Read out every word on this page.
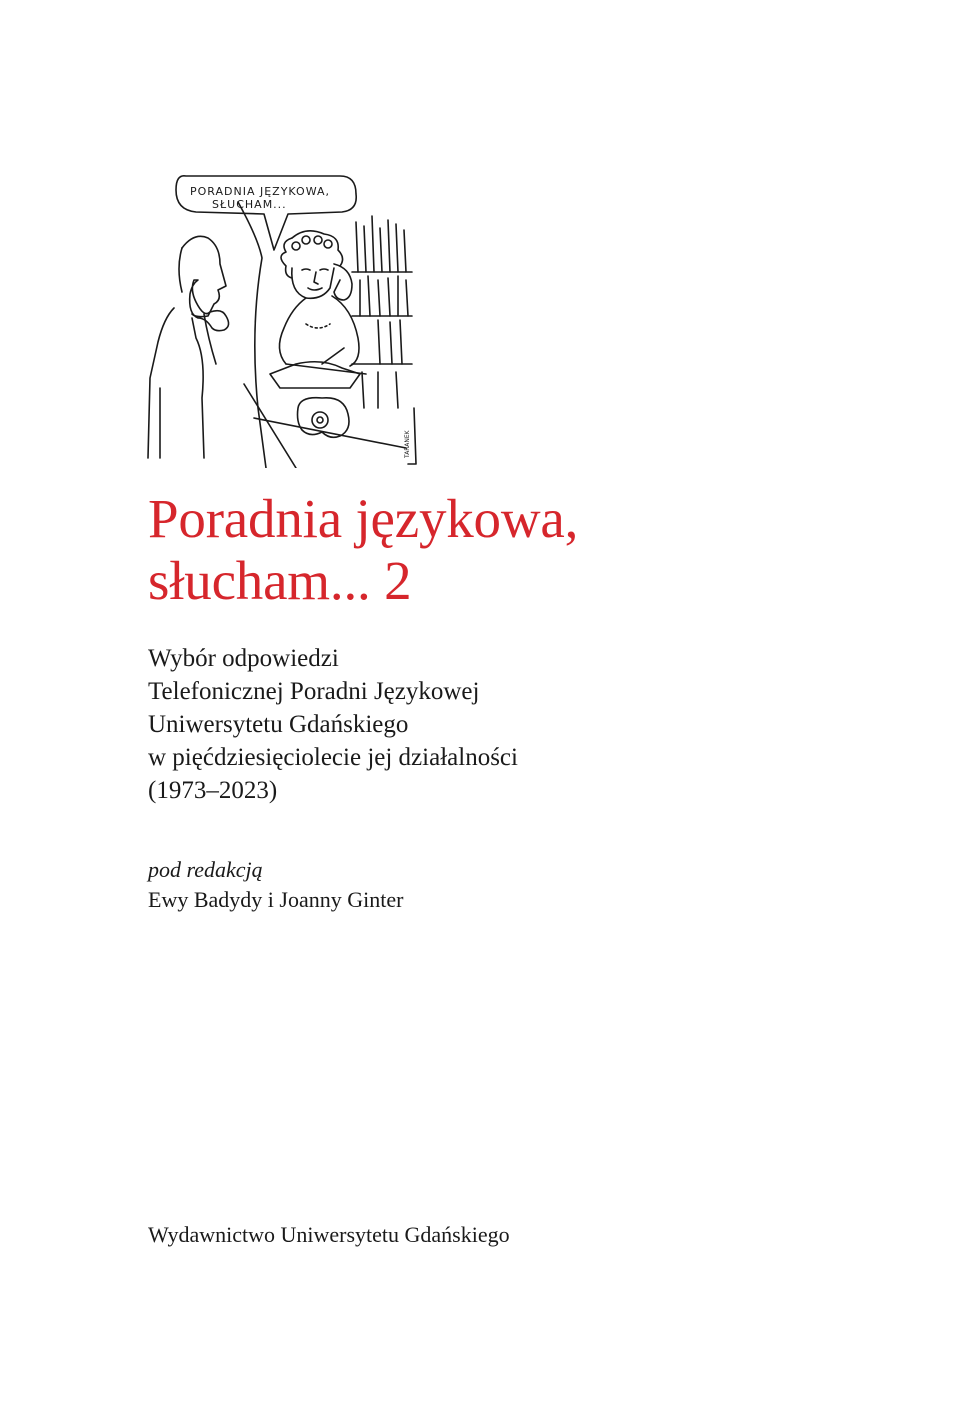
PORADNIA JĘZYKOWA,
SŁUCHAM...
TARANEK
Poradnia językowa,
słucham... 2
Wybór odpowiedzi
Telefonicznej Poradni Językowej
Uniwersytetu Gdańskiego
w pięćdziesięciolecie jej działalności
(1973–2023)
pod redakcją
Ewy Badydy i Joanny Ginter
Wydawnictwo Uniwersytetu Gdańskiego
